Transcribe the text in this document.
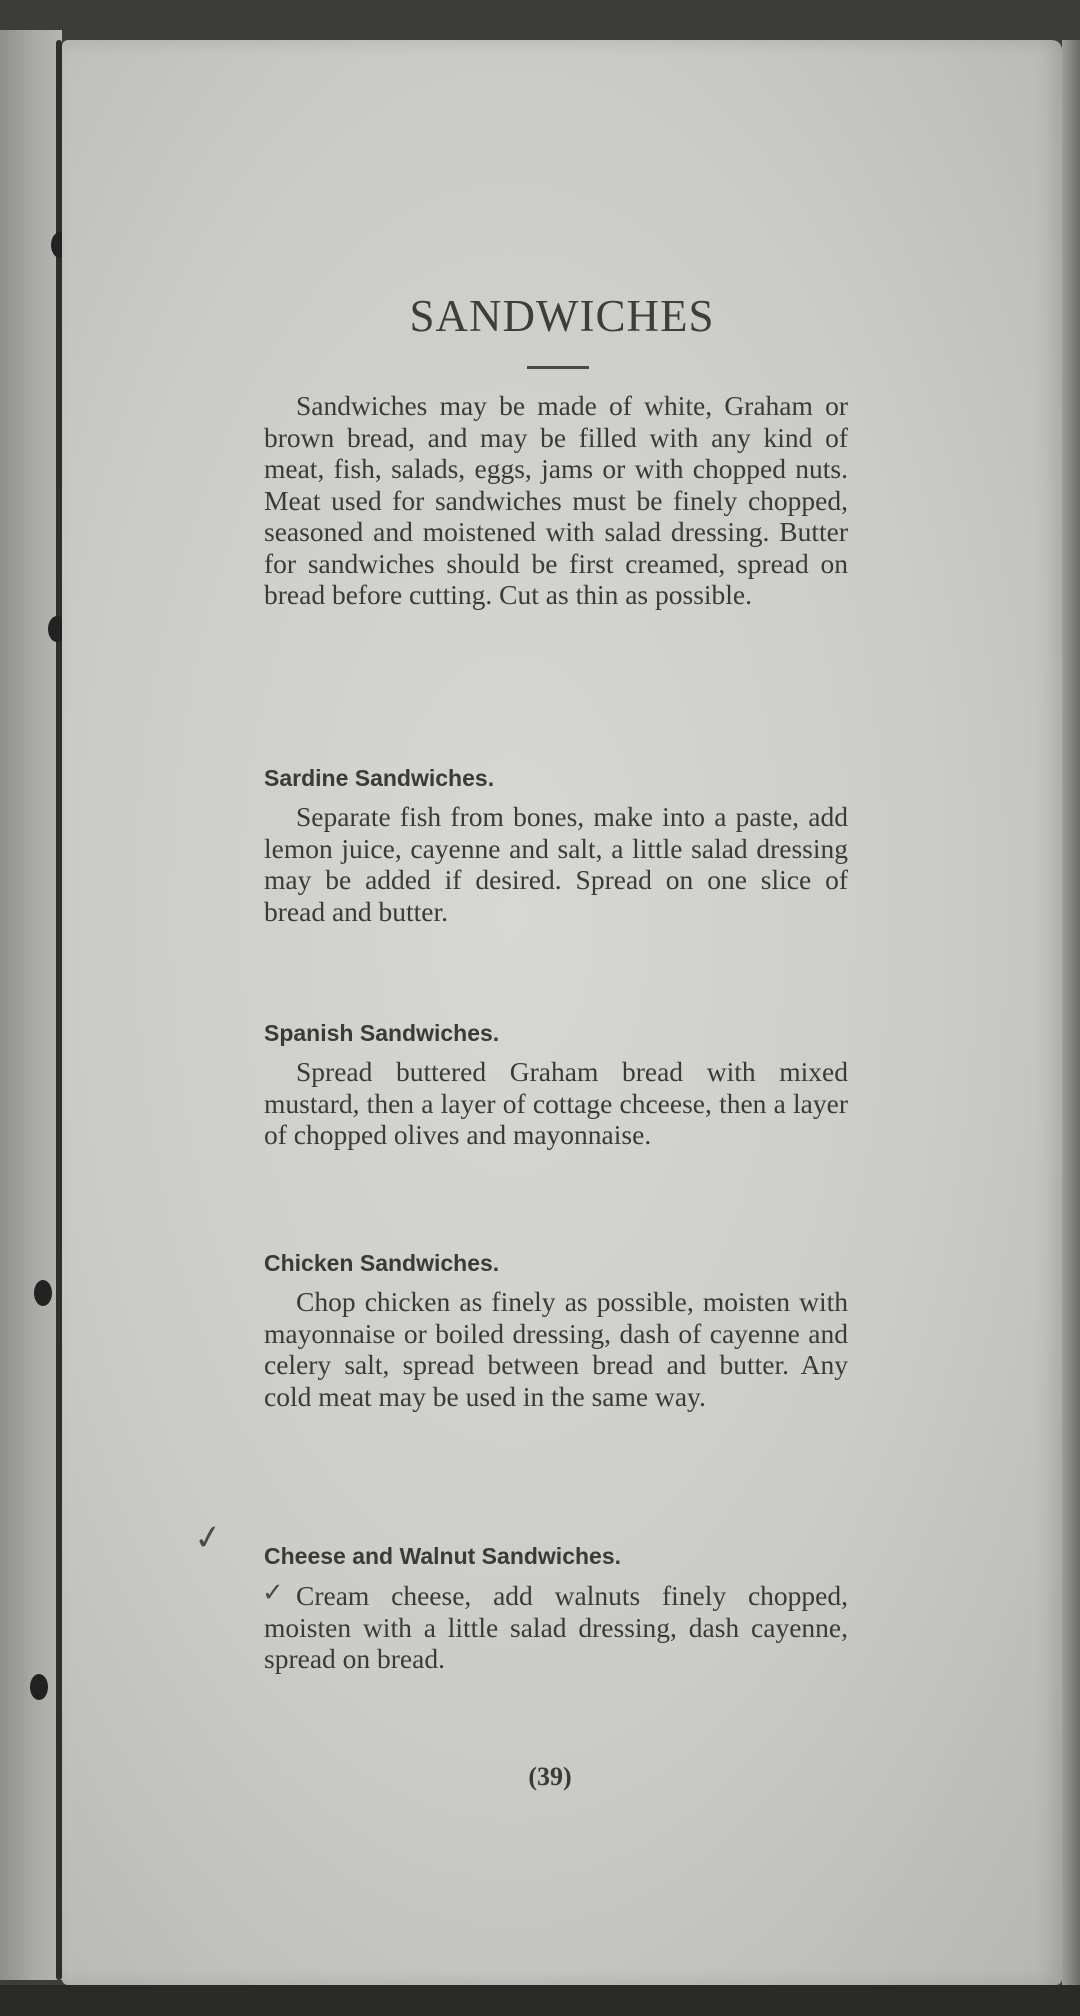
SANDWICHES

Sandwiches may be made of white, Graham or brown bread, and may be filled with any kind of meat, fish, salads, eggs, jams or with chopped nuts. Meat used for sandwiches must be finely chopped, seasoned and moistened with salad dressing. Butter for sandwiches should be first creamed, spread on bread before cutting. Cut as thin as possible.

Sardine Sandwiches.

Separate fish from bones, make into a paste, add lemon juice, cayenne and salt, a little salad dressing may be added if desired. Spread on one slice of bread and butter.

Spanish Sandwiches.

Spread buttered Graham bread with mixed mustard, then a layer of cottage chceese, then a layer of chopped olives and mayonnaise.

Chicken Sandwiches.

Chop chicken as finely as possible, moisten with mayonnaise or boiled dressing, dash of cayenne and celery salt, spread between bread and butter. Any cold meat may be used in the same way.

✓ Cheese and Walnut Sandwiches.
✓ Cream cheese, add walnuts finely chopped, moisten with a little salad dressing, dash cayenne, spread on bread.

(39)
